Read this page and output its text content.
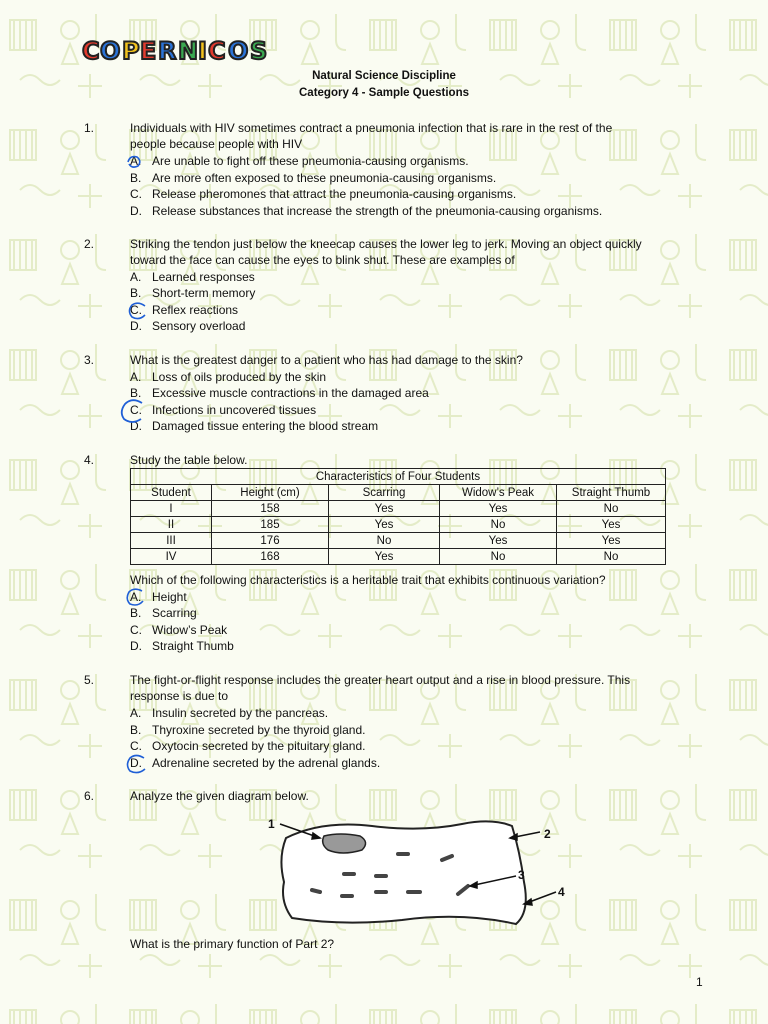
C O P E R N I C O S
Natural Science Discipline
Category 4 - Sample Questions
1.	Individuals with HIV sometimes contract a pneumonia infection that is rare in the rest of the
people because people with HIV
A. Are unable to fight off these pneumonia-causing organisms.
B. Are more often exposed to these pneumonia-causing organisms.
C. Release pheromones that attract the pneumonia-causing organisms.
D. Release substances that increase the strength of the pneumonia-causing organisms.
2.	Striking the tendon just below the kneecap causes the lower leg to jerk. Moving an object quickly
toward the face can cause the eyes to blink shut. These are examples of
A. Learned responses
B. Short-term memory
C. Reflex reactions
D. Sensory overload
3.	What is the greatest danger to a patient who has had damage to the skin?
A. Loss of oils produced by the skin
B. Excessive muscle contractions in the damaged area
C. Infections in uncovered tissues
D. Damaged tissue entering the blood stream
4.	Study the table below.
Characteristics of Four Students				
Student	Height (cm)	Scarring	Widow’s Peak	Straight Thumb
I	158	Yes	Yes	No
II	185	Yes	No	Yes
III	176	No	Yes	Yes
IV	168	Yes	No	No
Which of the following characteristics is a heritable trait that exhibits continuous variation?
A. Height
B. Scarring
C. Widow’s Peak
D. Straight Thumb
5.	The fight-or-flight response includes the greater heart output and a rise in blood pressure. This
response is due to
A. Insulin secreted by the pancreas.
B. Thyroxine secreted by the thyroid gland.
C. Oxytocin secreted by the pituitary gland.
D. Adrenaline secreted by the adrenal glands.
6.	Analyze the given diagram below.
1
2
3
4
What is the primary function of Part 2?
1
